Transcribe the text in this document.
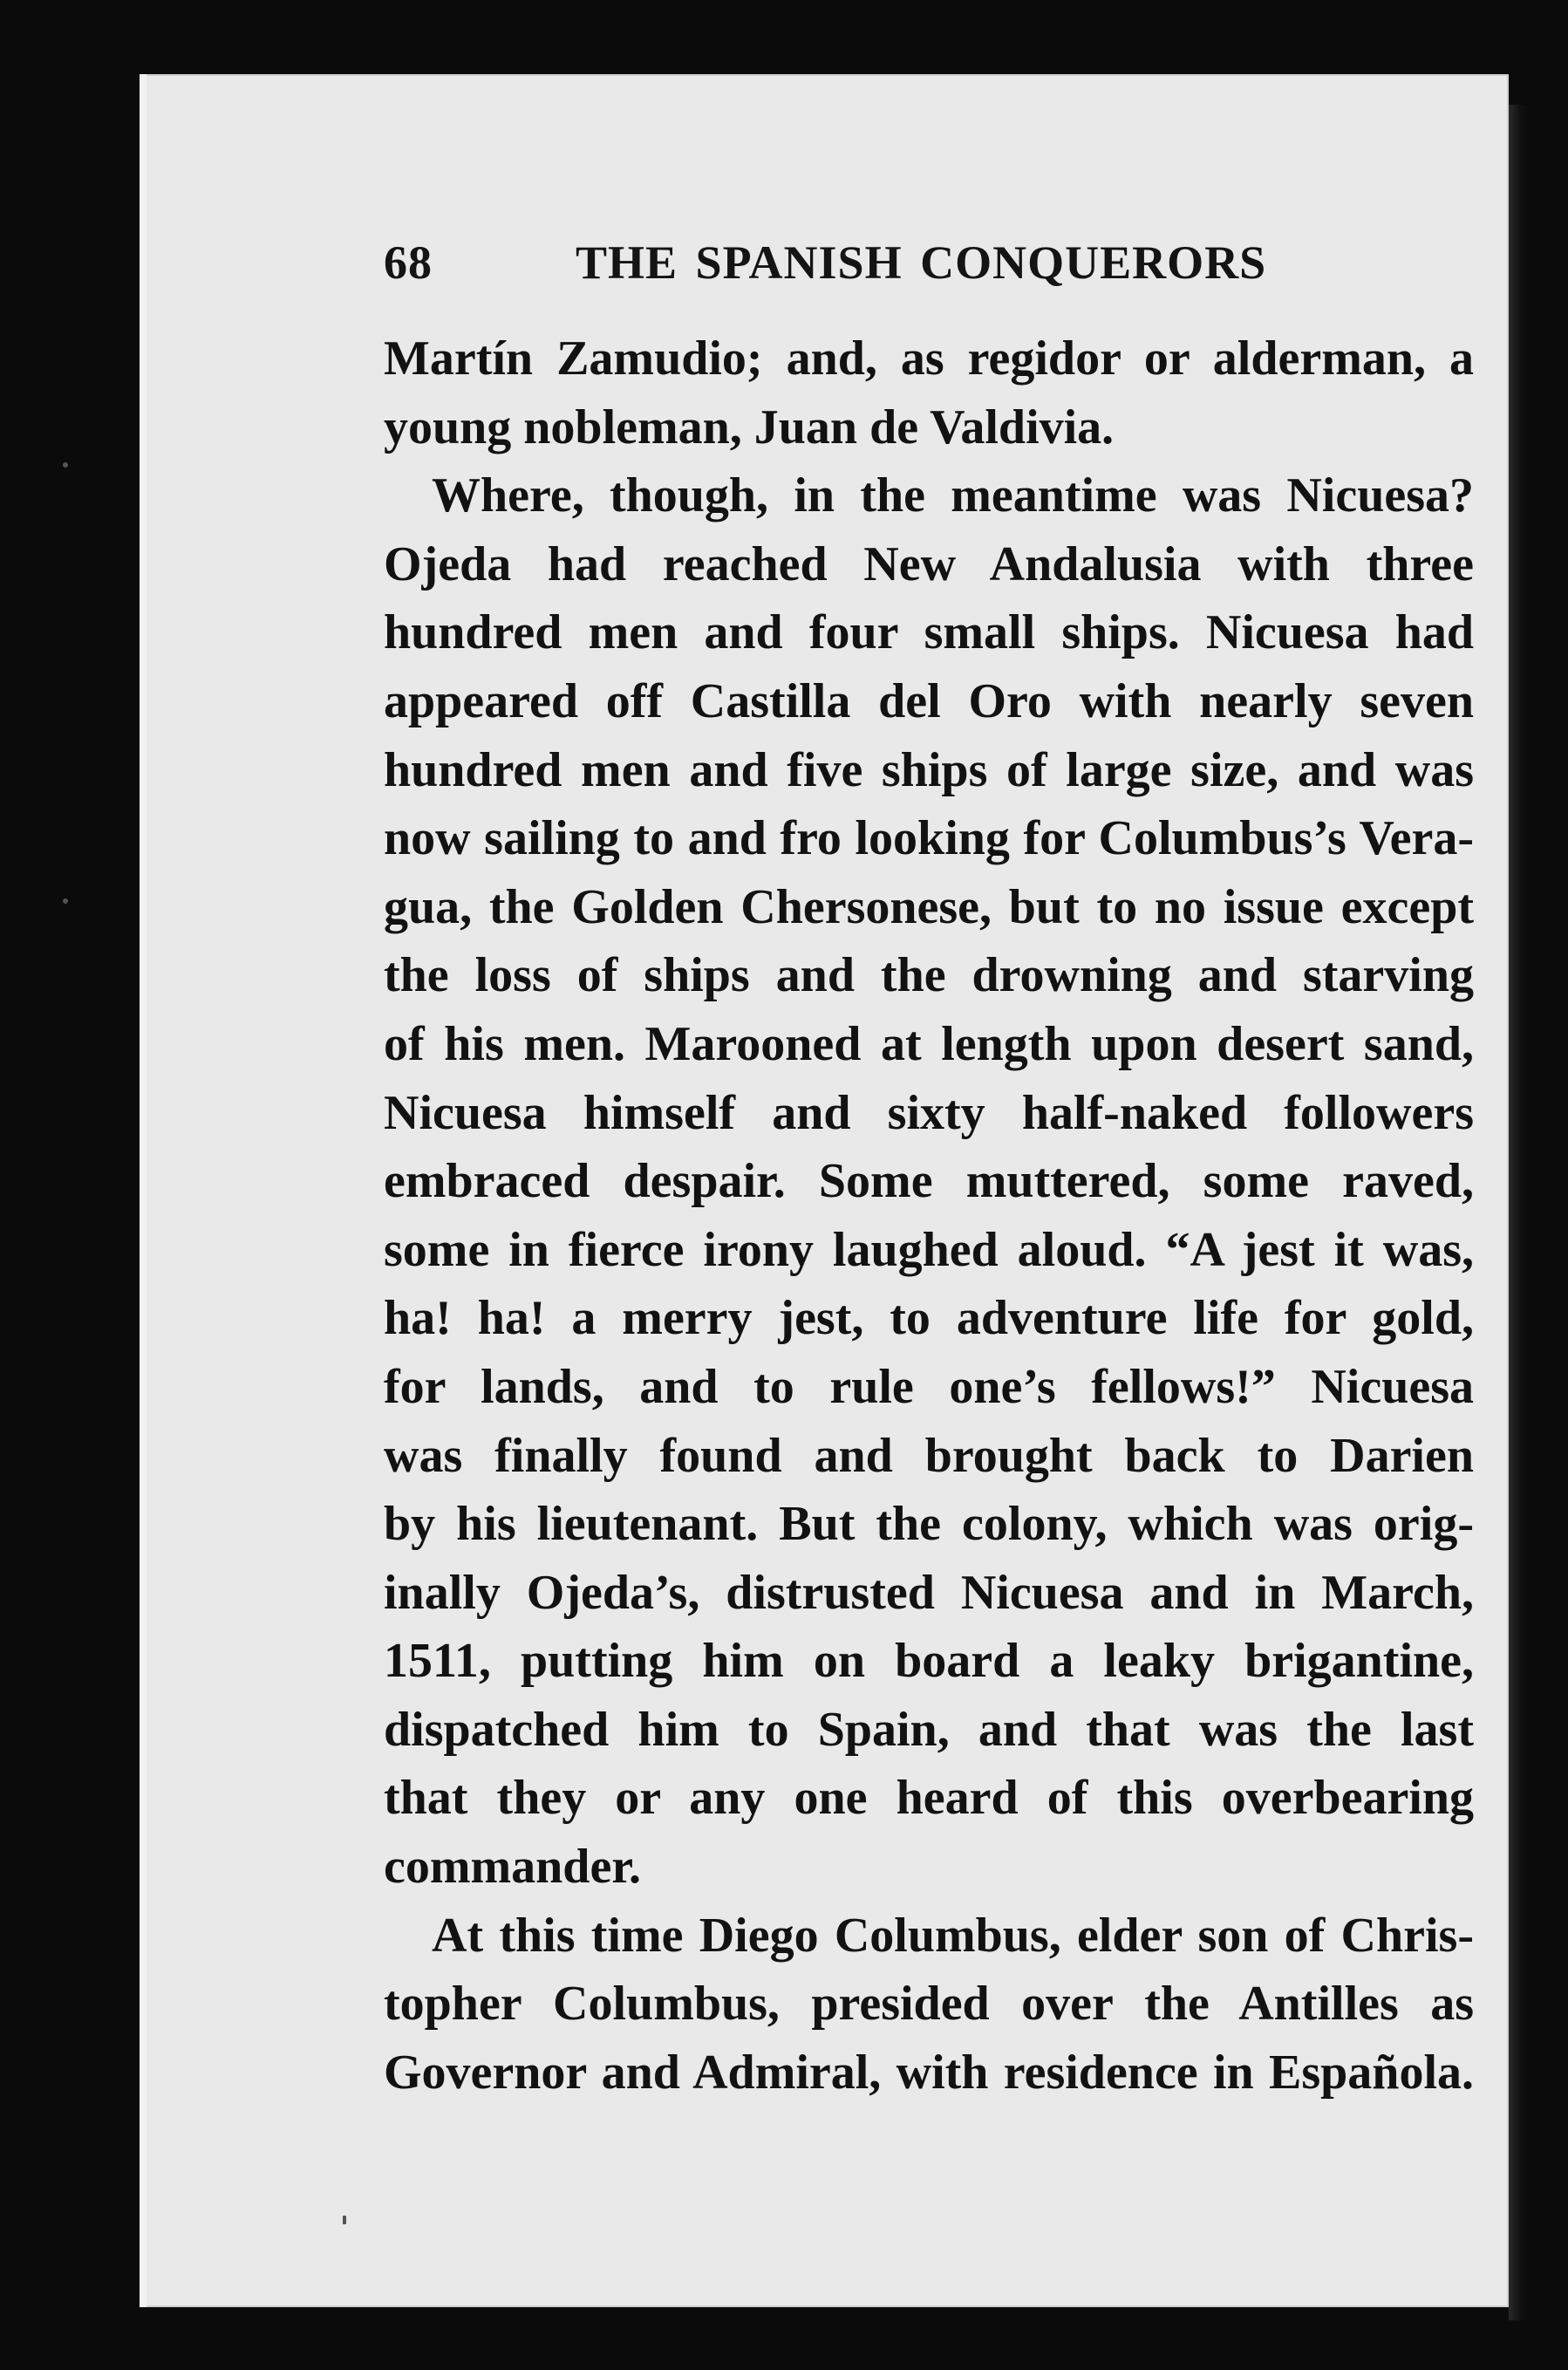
68	THE SPANISH CONQUERORS
Martín Zamudio; and, as regidor or alderman, a
young nobleman, Juan de Valdivia.
Where, though, in the meantime was Nicuesa?
Ojeda had reached New Andalusia with three
hundred men and four small ships. Nicuesa had
appeared off Castilla del Oro with nearly seven
hundred men and five ships of large size, and was
now sailing to and fro looking for Columbus’s Vera-
gua, the Golden Chersonese, but to no issue except
the loss of ships and the drowning and starving
of his men. Marooned at length upon desert sand,
Nicuesa himself and sixty half-naked followers
embraced despair. Some muttered, some raved,
some in fierce irony laughed aloud. “A jest it was,
ha! ha! a merry jest, to adventure life for gold,
for lands, and to rule one’s fellows!” Nicuesa
was finally found and brought back to Darien
by his lieutenant. But the colony, which was orig-
inally Ojeda’s, distrusted Nicuesa and in March,
1511, putting him on board a leaky brigantine,
dispatched him to Spain, and that was the last
that they or any one heard of this overbearing
commander.
At this time Diego Columbus, elder son of Chris-
topher Columbus, presided over the Antilles as
Governor and Admiral, with residence in Española.
